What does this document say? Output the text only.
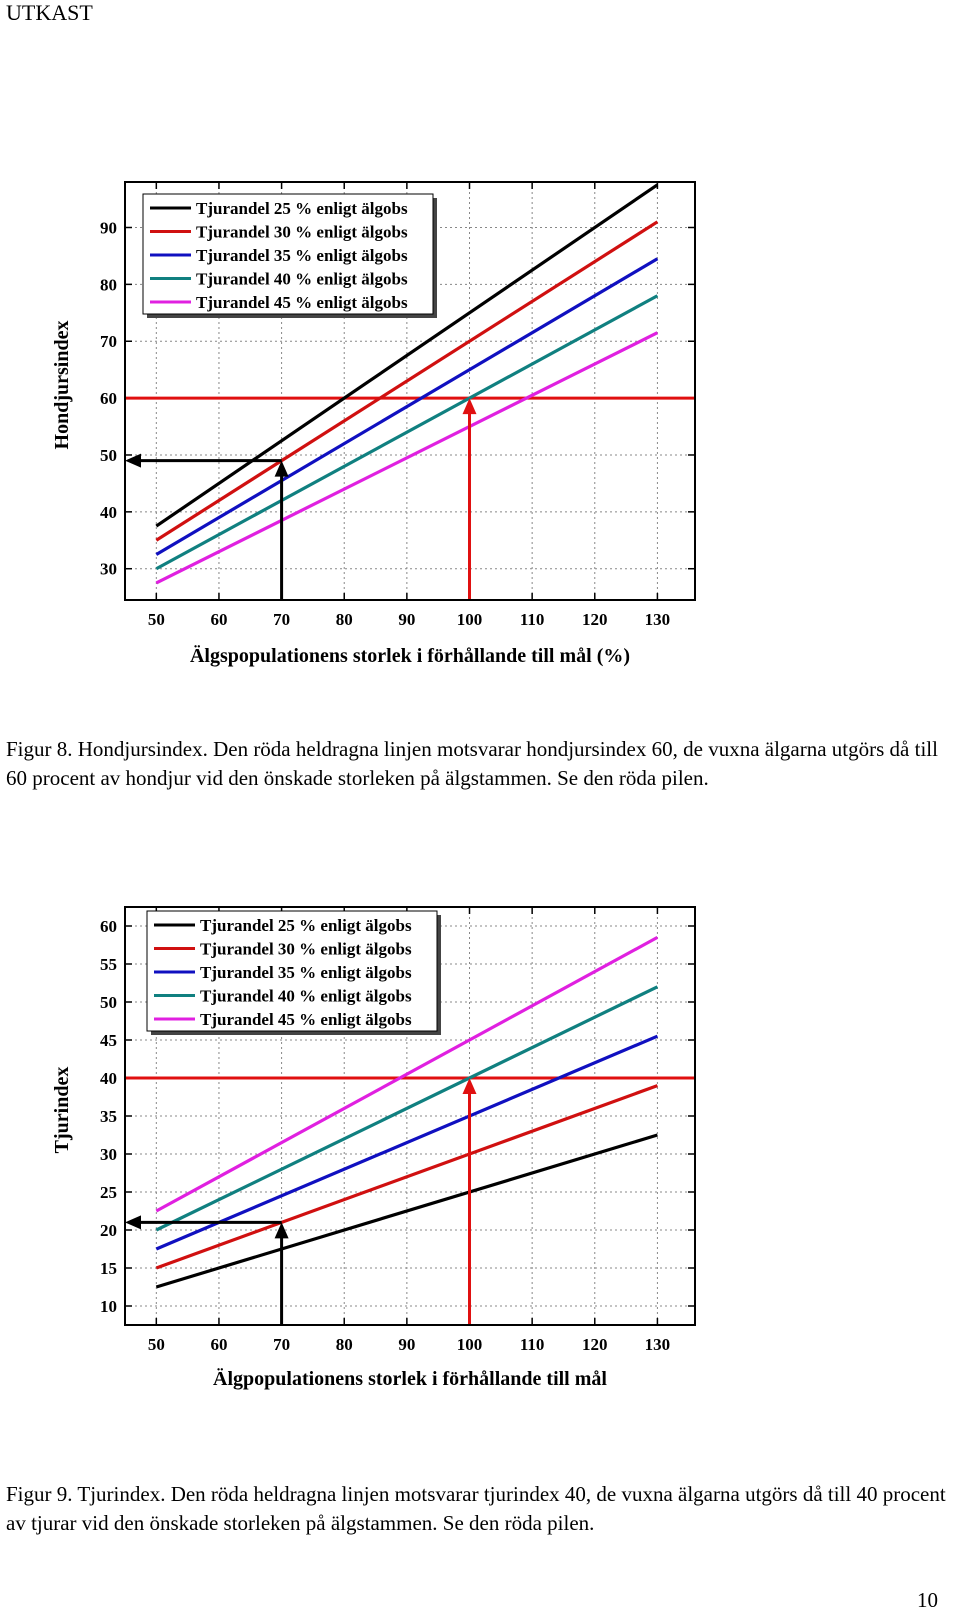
UTKAST
50	60	70	80	90 100 110 120 130
30
40
50
60
70
80
90
Tjurandel 25 % enligt älgobs
Tjurandel 30 % enligt älgobs
Tjurandel 35 % enligt älgobs
Tjurandel 40 % enligt älgobs
Tjurandel 45 % enligt älgobs
Älgspopulationens storlek i förhållande till mål (%)
Hondjursindex
Figur 8. Hondjursindex. Den röda heldragna linjen motsvarar hondjursindex 60, de vuxna älgarna utgörs då till 60 procent av hondjur vid den önskade storleken på älgstammen. Se den röda pilen.
50	60	70	80	90 100 110 120 130
10
15
20
25
30
35
40
45
50
55
60	Tjurandel 25 % enligt älgobs
Tjurandel 30 % enligt älgobs
Tjurandel 35 % enligt älgobs
Tjurandel 40 % enligt älgobs
Tjurandel 45 % enligt älgobs
Älgpopulationens storlek i förhållande till mål
Tjurindex
Figur 9. Tjurindex. Den röda heldragna linjen motsvarar tjurindex 40, de vuxna älgarna utgörs då till 40 procent av tjurar vid den önskade storleken på älgstammen. Se den röda pilen.
10
